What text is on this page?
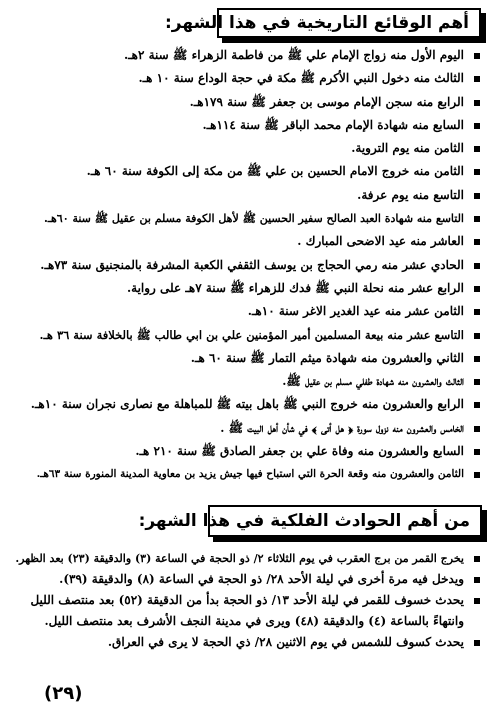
أهم الوقائع التاريخية في هذا الشهر:
اليوم الأول منه زواج الإمام علي ﷺ من فاطمة الزهراء ﷺ سنة ٢هـ.
الثالث منه دخول النبي الأكرم ﷺ مكة في حجة الوداع سنة ١٠ هـ.
الرابع منه سجن الإمام موسى بن جعفر ﷺ سنة ١٧٩هـ.
السابع منه شهادة الإمام محمد الباقر ﷺ سنة ١١٤هـ.
الثامن منه يوم التروية.
الثامن منه خروج الامام الحسين بن علي ﷺ من مكة إلى الكوفة سنة ٦٠ هـ.
التاسع منه يوم عرفة.
التاسع منه شهادة العبد الصالح سفير الحسين ﷺ لأهل الكوفة مسلم بن عقيل ﷺ سنة ٦٠هـ.
العاشر منه عيد الاضحى المبارك .
الحادي عشر منه رمي الحجاج بن يوسف الثقفي الكعبة المشرفة بالمنجنيق سنة ٧٣هـ.
الرابع عشر منه نحلة النبي ﷺ فدك للزهراء ﷺ سنة ٧هـ على رواية.
الثامن عشر منه عيد الغدير الاغر سنة ١٠هـ.
التاسع عشر منه بيعة المسلمين أمير المؤمنين علي بن ابي طالب ﷺ بالخلافة سنة ٣٦ هـ.
الثاني والعشرون منه شهادة ميثم التمار ﷺ سنة ٦٠ هـ.
الثالث والعشرون منه شهادة طفلي مسلم بن عقيل ﷺ.
الرابع والعشرون منه خروج النبي ﷺ باهل بيته ﷺ للمباهلة مع نصارى نجران سنة ١٠هـ.
الخامس والعشرون منه نزول سورة ﴿ هل أتى ﴾ في شأن أهل البيت ﷺ .
السابع والعشرون منه وفاة علي بن جعفر الصادق ﷺ سنة ٢١٠ هـ.
الثامن والعشرون منه وقعة الحرة التي استباح فيها جيش يزيد بن معاوية المدينة المنورة سنة ٦٣هـ.
من أهم الحوادث الفلكية في هذا الشهر:
يخرج القمر من برج العقرب في يوم الثلاثاء ٢/ ذو الحجة في الساعة (٣) والدقيقة (٢٣) بعد الظهر.
ويدخل فيه مرة أخرى في ليلة الأحد ٢٨/ ذو الحجة في الساعة (٨) والدقيقة (٣٩).
يحدث خسوف للقمر في ليلة الأحد ١٣/ ذو الحجة بدأ من الدقيقة (٥٢) بعد منتصف الليل وانتهاءً بالساعة (٤) والدقيقة (٤٨) ويرى في مدينة النجف الأشرف بعد منتصف الليل.
يحدث كسوف للشمس في يوم الاثنين ٢٨/ ذي الحجة لا يرى في العراق.
(٢٩)
